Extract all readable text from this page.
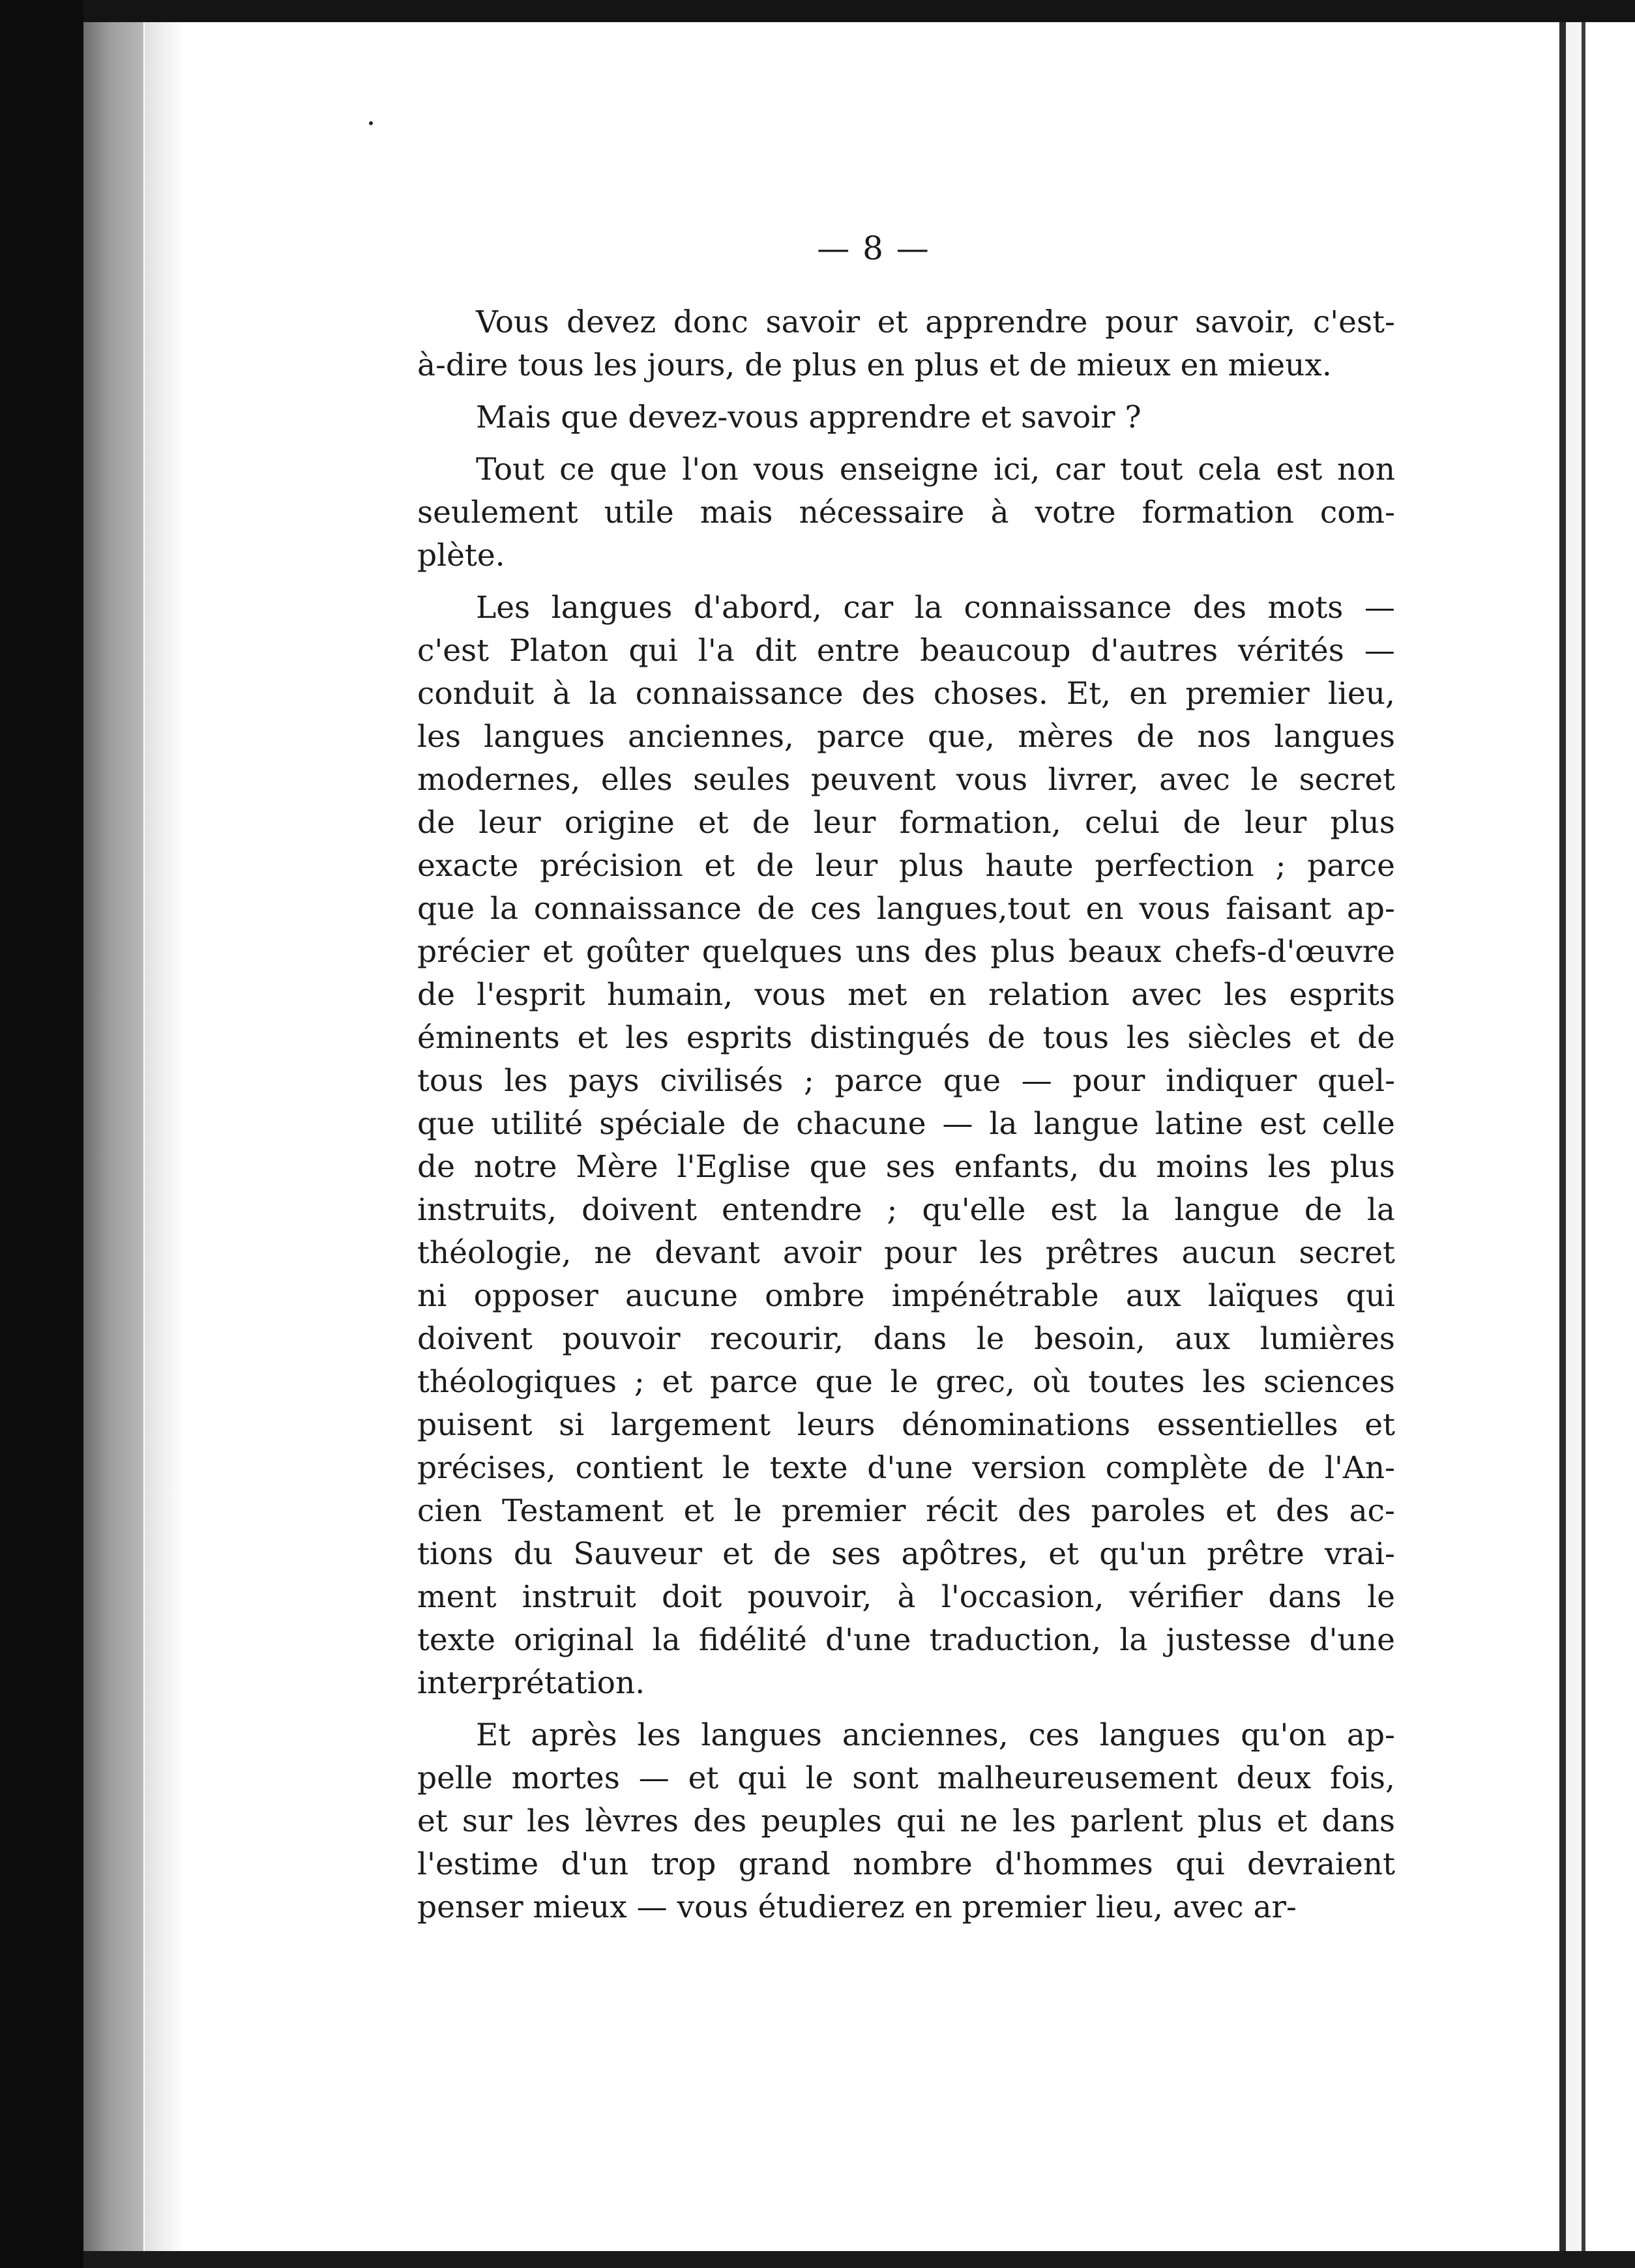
— 8 —
Vous devez donc savoir et apprendre pour savoir, c'est-
à-dire tous les jours, de plus en plus et de mieux en mieux.
Mais que devez-vous apprendre et savoir ?
Tout ce que l'on vous enseigne ici, car tout cela est non
seulement utile mais nécessaire à votre formation com-
plète.
Les langues d'abord, car la connaissance des mots —
c'est Platon qui l'a dit entre beaucoup d'autres vérités —
conduit à la connaissance des choses. Et, en premier lieu,
les langues anciennes, parce que, mères de nos langues
modernes, elles seules peuvent vous livrer, avec le secret
de leur origine et de leur formation, celui de leur plus
exacte précision et de leur plus haute perfection ; parce
que la connaissance de ces langues,tout en vous faisant ap-
précier et goûter quelques uns des plus beaux chefs-d'œuvre
de l'esprit humain, vous met en relation avec les esprits
éminents et les esprits distingués de tous les siècles et de
tous les pays civilisés ; parce que — pour indiquer quel-
que utilité spéciale de chacune — la langue latine est celle
de notre Mère l'Eglise que ses enfants, du moins les plus
instruits, doivent entendre ; qu'elle est la langue de la
théologie, ne devant avoir pour les prêtres aucun secret
ni opposer aucune ombre impénétrable aux laïques qui
doivent pouvoir recourir, dans le besoin, aux lumières
théologiques ; et parce que le grec, où toutes les sciences
puisent si largement leurs dénominations essentielles et
précises, contient le texte d'une version complète de l'An-
cien Testament et le premier récit des paroles et des ac-
tions du Sauveur et de ses apôtres, et qu'un prêtre vrai-
ment instruit doit pouvoir, à l'occasion, vérifier dans le
texte original la fidélité d'une traduction, la justesse d'une
interprétation.
Et après les langues anciennes, ces langues qu'on ap-
pelle mortes — et qui le sont malheureusement deux fois,
et sur les lèvres des peuples qui ne les parlent plus et dans
l'estime d'un trop grand nombre d'hommes qui devraient
penser mieux — vous étudierez en premier lieu, avec ar-
